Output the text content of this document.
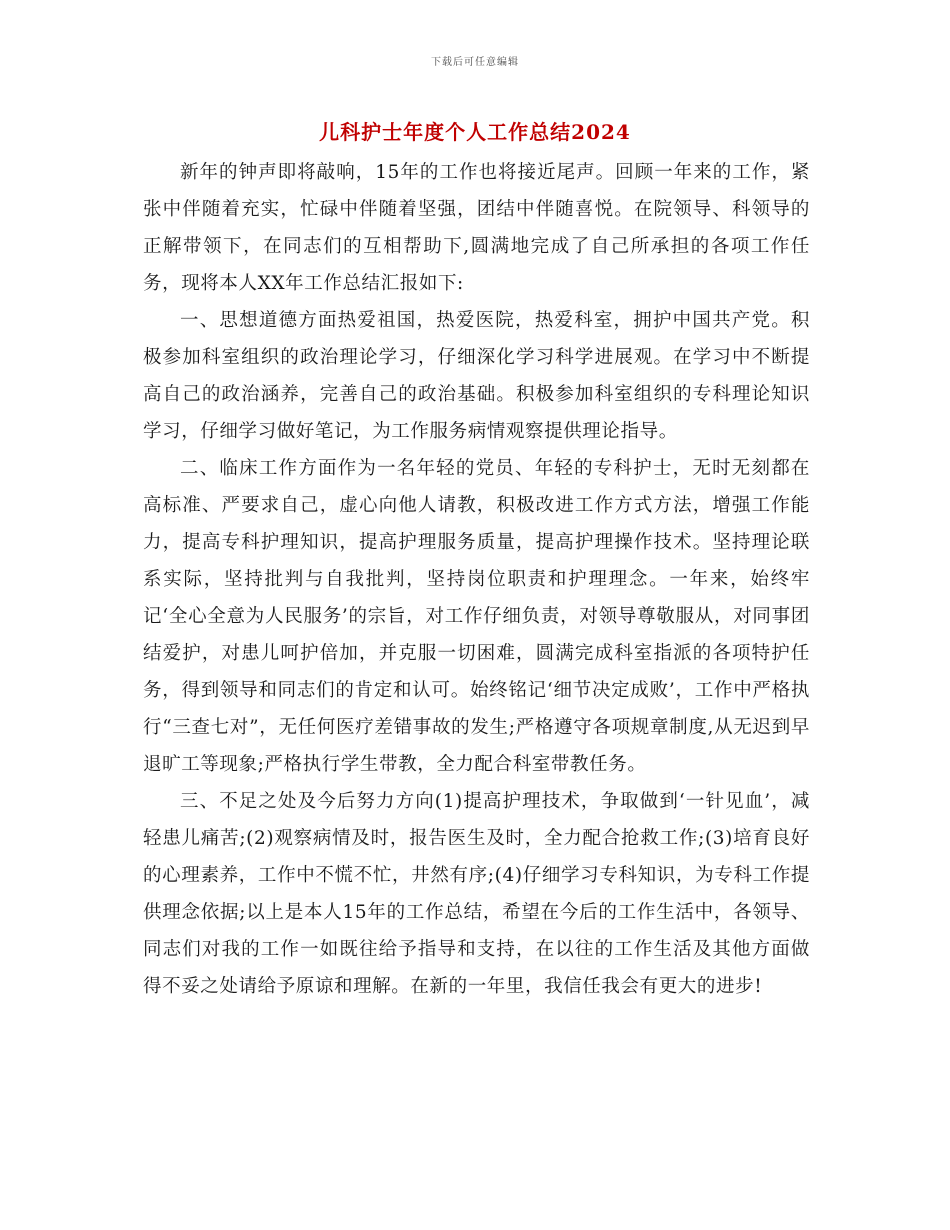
下载后可任意编辑
儿科护士年度个人工作总结2024

新年的钟声即将敲响，15年的工作也将接近尾声。回顾一年来的工作，紧张中伴随着充实，忙碌中伴随着坚强，团结中伴随喜悦。在院领导、科领导的正解带领下，在同志们的互相帮助下,圆满地完成了自己所承担的各项工作任务，现将本人XX年工作总结汇报如下:

一、思想道德方面热爱祖国，热爱医院，热爱科室，拥护中国共产党。积极参加科室组织的政治理论学习，仔细深化学习科学进展观。在学习中不断提高自己的政治涵养，完善自己的政治基础。积极参加科室组织的专科理论知识学习，仔细学习做好笔记，为工作服务病情观察提供理论指导。

二、临床工作方面作为一名年轻的党员、年轻的专科护士，无时无刻都在高标准、严要求自己，虚心向他人请教，积极改进工作方式方法，增强工作能力，提高专科护理知识，提高护理服务质量，提高护理操作技术。坚持理论联系实际，坚持批判与自我批判，坚持岗位职责和护理理念。一年来，始终牢记‘全心全意为人民服务’的宗旨，对工作仔细负责，对领导尊敬服从，对同事团结爱护，对患儿呵护倍加，并克服一切困难，圆满完成科室指派的各项特护任务，得到领导和同志们的肯定和认可。始终铭记‘细节决定成败’，工作中严格执行“三查七对”，无任何医疗差错事故的发生;严格遵守各项规章制度,从无迟到早退旷工等现象;严格执行学生带教，全力配合科室带教任务。

三、不足之处及今后努力方向(1)提高护理技术，争取做到‘一针见血’，减轻患儿痛苦;(2)观察病情及时，报告医生及时，全力配合抢救工作;(3)培育良好的心理素养，工作中不慌不忙，井然有序;(4)仔细学习专科知识，为专科工作提供理念依据;以上是本人15年的工作总结，希望在今后的工作生活中，各领导、同志们对我的工作一如既往给予指导和支持，在以往的工作生活及其他方面做得不妥之处请给予原谅和理解。在新的一年里，我信任我会有更大的进步!
